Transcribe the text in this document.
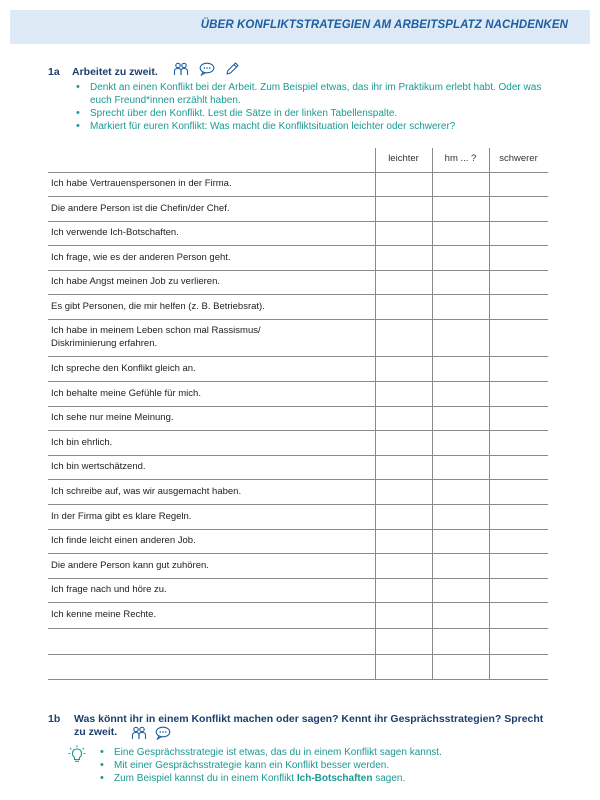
ÜBER KONFLIKTSTRATEGIEN AM ARBEITSPLATZ NACHDENKEN
1a Arbeitet zu zweit.
• Denkt an einen Konflikt bei der Arbeit. Zum Beispiel etwas, das ihr im Praktikum erlebt habt. Oder was euch Freund*innen erzählt haben.
• Sprecht über den Konflikt. Lest die Sätze in der linken Tabellenspalte.
• Markiert für euren Konflikt: Was macht die Konfliktsituation leichter oder schwerer?
leichter	hm ... ?	schwerer
Ich habe Vertrauenspersonen in der Firma.
Die andere Person ist die Chefin/der Chef.
Ich verwende Ich-Botschaften.
Ich frage, wie es der anderen Person geht.
Ich habe Angst meinen Job zu verlieren.
Es gibt Personen, die mir helfen (z. B. Betriebsrat).
Ich habe in meinem Leben schon mal Rassismus/ Diskriminierung erfahren.
Ich spreche den Konflikt gleich an.
Ich behalte meine Gefühle für mich.
Ich sehe nur meine Meinung.
Ich bin ehrlich.
Ich bin wertschätzend.
Ich schreibe auf, was wir ausgemacht haben.
In der Firma gibt es klare Regeln.
Ich finde leicht einen anderen Job.
Die andere Person kann gut zuhören.
Ich frage nach und höre zu.
Ich kenne meine Rechte.
1b Was könnt ihr in einem Konflikt machen oder sagen? Kennt ihr Gesprächsstrategien? Sprecht zu zweit.
• Eine Gesprächsstrategie ist etwas, das du in einem Konflikt sagen kannst.
• Mit einer Gesprächsstrategie kann ein Konflikt besser werden.
• Zum Beispiel kannst du in einem Konflikt Ich-Botschaften sagen.
